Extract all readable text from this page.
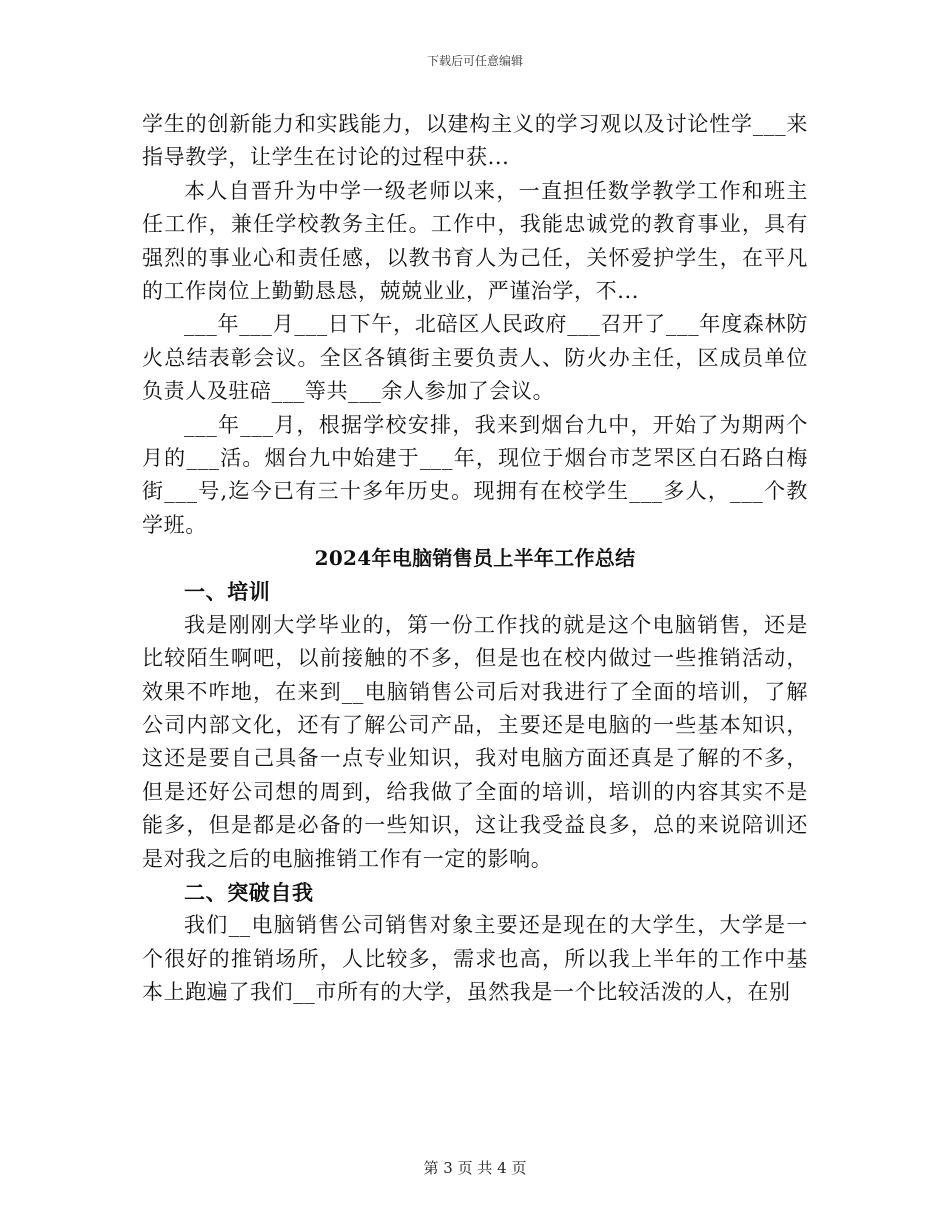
下载后可任意编辑

学生的创新能力和实践能力，以建构主义的学习观以及讨论性学___来指导教学，让学生在讨论的过程中获...

本人自晋升为中学一级老师以来，一直担任数学教学工作和班主任工作，兼任学校教务主任。工作中，我能忠诚党的教育事业，具有强烈的事业心和责任感，以教书育人为己任，关怀爱护学生，在平凡的工作岗位上勤勤恳恳，兢兢业业，严谨治学，不...

___年___月___日下午，北碚区人民政府___召开了___年度森林防火总结表彰会议。全区各镇街主要负责人、防火办主任，区成员单位负责人及驻碚___等共___余人参加了会议。

___年___月，根据学校安排，我来到烟台九中，开始了为期两个月的___活。烟台九中始建于___年，现位于烟台市芝罘区白石路白梅街___号,迄今已有三十多年历史。现拥有在校学生___多人，___个教学班。

2024年电脑销售员上半年工作总结

一、培训

我是刚刚大学毕业的，第一份工作找的就是这个电脑销售，还是比较陌生啊吧，以前接触的不多，但是也在校内做过一些推销活动，效果不咋地，在来到__电脑销售公司后对我进行了全面的培训，了解公司内部文化，还有了解公司产品，主要还是电脑的一些基本知识，这还是要自己具备一点专业知识，我对电脑方面还真是了解的不多，但是还好公司想的周到，给我做了全面的培训，培训的内容其实不是能多，但是都是必备的一些知识，这让我受益良多，总的来说陪训还是对我之后的电脑推销工作有一定的影响。

二、突破自我

我们__电脑销售公司销售对象主要还是现在的大学生，大学是一个很好的推销场所，人比较多，需求也高，所以我上半年的工作中基本上跑遍了我们__市所有的大学，虽然我是一个比较活泼的人，在别

第 3 页 共 4 页
